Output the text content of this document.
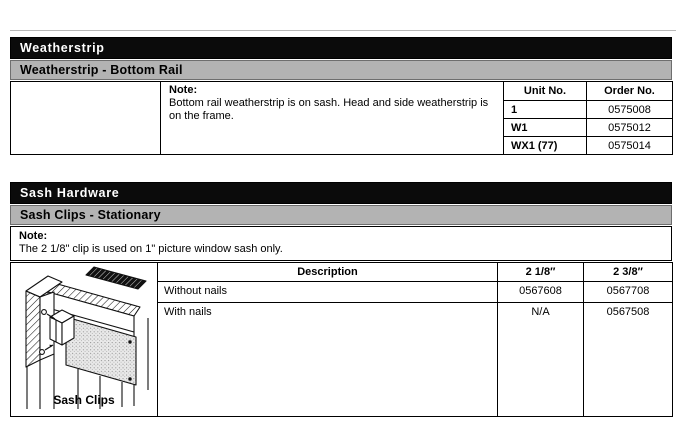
Weatherstrip
Weatherstrip - Bottom Rail

	Note:
Bottom rail weatherstrip is on sash. Head and side weatherstrip is on the frame.	Unit No.	Order No.
		1	0575008
		W1	0575012
		WX1 (77)	0575014
Sash Hardware
Sash Clips - Stationary
Note:
The 2 1/8" clip is used on 1" picture window sash only.
Sash Clips	Description	2 1/8″	2 3/8″
	Without nails	0567608	0567708
	With nails	N/A	0567508
